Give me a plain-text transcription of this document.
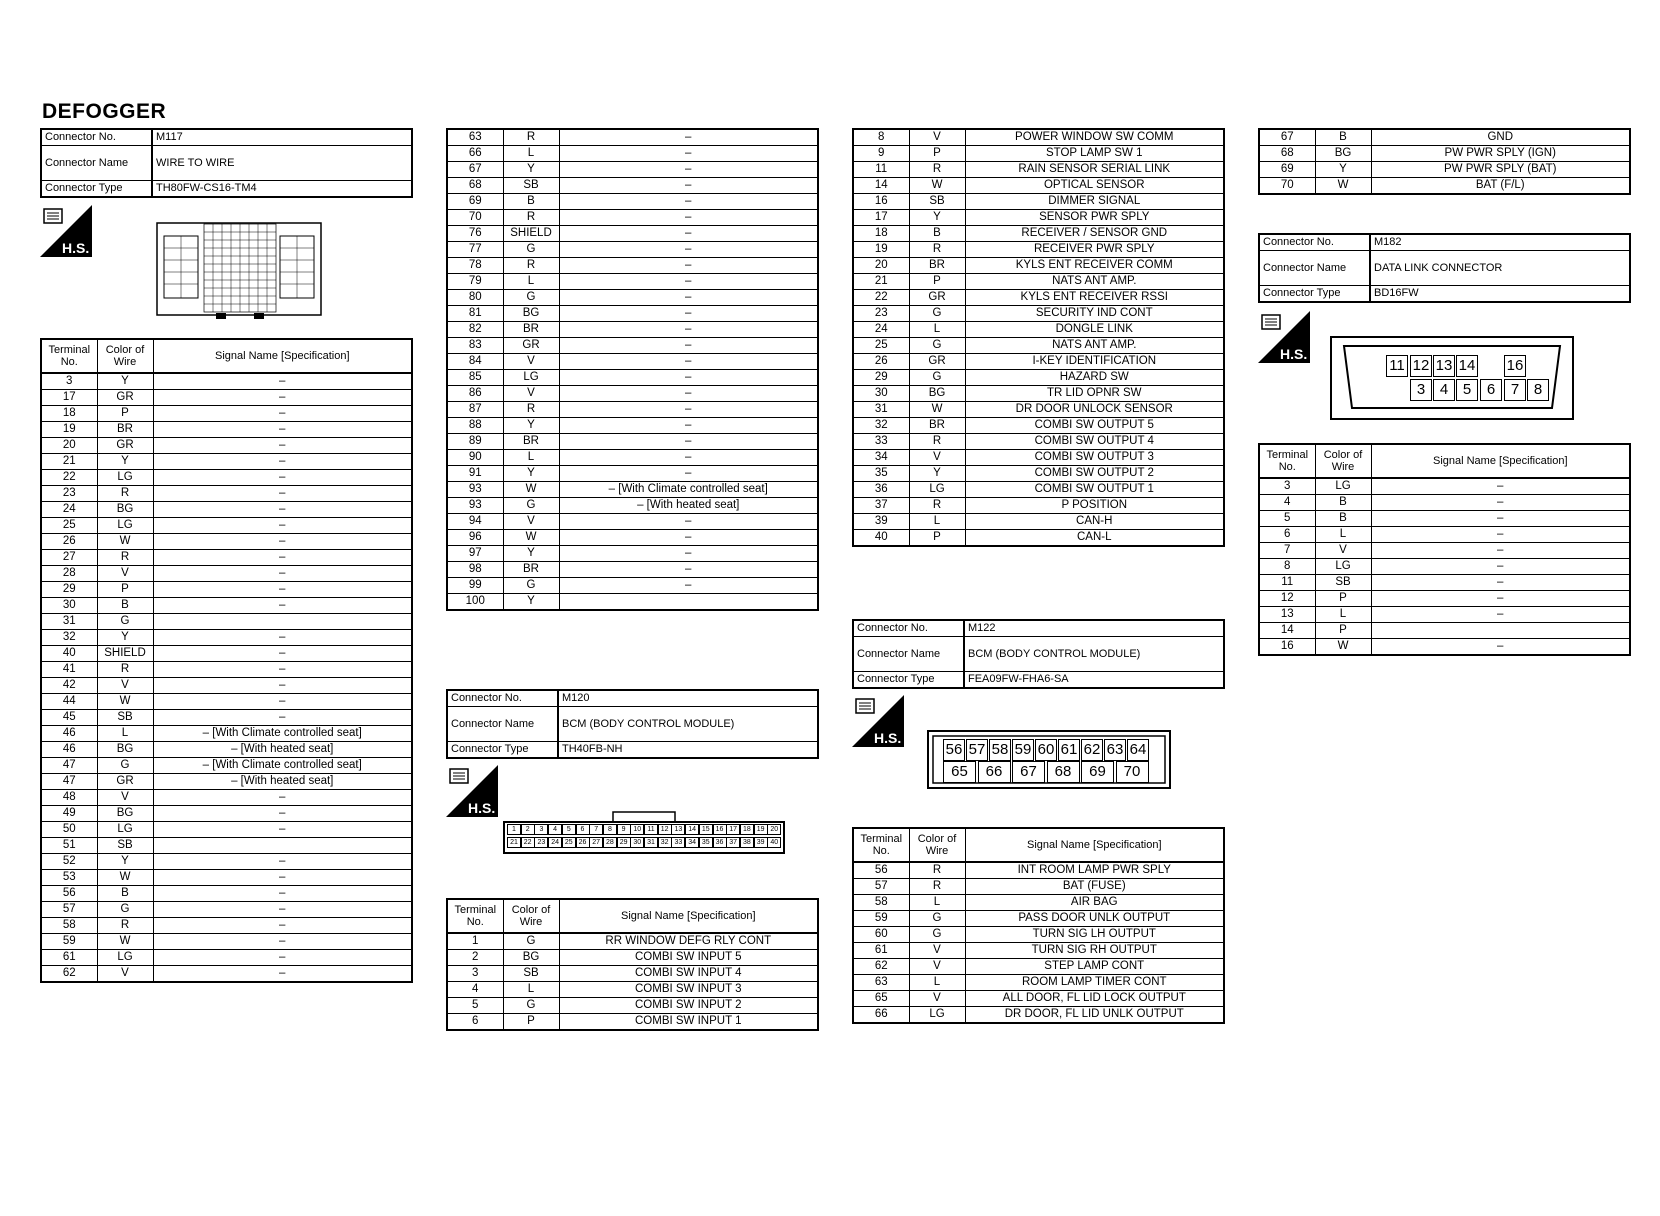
DEFOGGER
Connector No.	M117
Connector Name	WIRE TO WIRE
Connector Type	TH80FW-CS16-TM4
H.S.
Terminal No.	Color of Wire	Signal Name [Specification]
3	Y	–
17	GR	–
18	P	–
19	BR	–
20	GR	–
21	Y	–
22	LG	–
23	R	–
24	BG	–
25	LG	–
26	W	–
27	R	–
28	V	–
29	P	–
30	B	–
31	G	
32	Y	–
40	SHIELD	–
41	R	–
42	V	–
44	W	–
45	SB	–
46	L	– [With Climate controlled seat]
46	BG	– [With heated seat]
47	G	– [With Climate controlled seat]
47	GR	– [With heated seat]
48	V	–
49	BG	–
50	LG	–
51	SB	
52	Y	–
53	W	–
56	B	–
57	G	–
58	R	–
59	W	–
61	LG	–
62	V	–
63	R	–
66	L	–
67	Y	–
68	SB	–
69	B	–
70	R	–
76	SHIELD	–
77	G	–
78	R	–
79	L	–
80	G	–
81	BG	–
82	BR	–
83	GR	–
84	V	–
85	LG	–
86	V	–
87	R	–
88	Y	–
89	BR	–
90	L	–
91	Y	–
93	W	– [With Climate controlled seat]
93	G	– [With heated seat]
94	V	–
96	W	–
97	Y	–
98	BR	–
99	G	–
100	Y	
Connector No.	M120
Connector Name	BCM (BODY CONTROL MODULE)
Connector Type	TH40FB-NH
H.S.
1	2	3	4	5	6	7	8	9	10 11 12 13 14 15 16 17 18 19 20
21 22 23 24 25 26 27 28 29 30 31 32 33 34 35 36 37 38 39 40
Terminal No.	Color of Wire	Signal Name [Specification]
1	G	RR WINDOW DEFG RLY CONT
2	BG	COMBI SW INPUT 5
3	SB	COMBI SW INPUT 4
4	L	COMBI SW INPUT 3
5	G	COMBI SW INPUT 2
6	P	COMBI SW INPUT 1
8	V	POWER WINDOW SW COMM
9	P	STOP LAMP SW 1
11	R	RAIN SENSOR SERIAL LINK
14	W	OPTICAL SENSOR
16	SB	DIMMER SIGNAL
17	Y	SENSOR PWR SPLY
18	B	RECEIVER / SENSOR GND
19	R	RECEIVER PWR SPLY
20	BR	KYLS ENT RECEIVER COMM
21	P	NATS ANT AMP.
22	GR	KYLS ENT RECEIVER RSSI
23	G	SECURITY IND CONT
24	L	DONGLE LINK
25	G	NATS ANT AMP.
26	GR	I-KEY IDENTIFICATION
29	G	HAZARD SW
30	BG	TR LID OPNR SW
31	W	DR DOOR UNLOCK SENSOR
32	BR	COMBI SW OUTPUT 5
33	R	COMBI SW OUTPUT 4
34	V	COMBI SW OUTPUT 3
35	Y	COMBI SW OUTPUT 2
36	LG	COMBI SW OUTPUT 1
37	R	P POSITION
39	L	CAN-H
40	P	CAN-L
Connector No.	M122
Connector Name	BCM (BODY CONTROL MODULE)
Connector Type	FEA09FW-FHA6-SA
H.S.
56 57 58 59 60 61 62 63 64
65	66	67	68	69	70
Terminal No.	Color of Wire	Signal Name [Specification]
56	R	INT ROOM LAMP PWR SPLY
57	R	BAT (FUSE)
58	L	AIR BAG
59	G	PASS DOOR UNLK OUTPUT
60	G	TURN SIG LH OUTPUT
61	V	TURN SIG RH OUTPUT
62	V	STEP LAMP CONT
63	L	ROOM LAMP TIMER CONT
65	V	ALL DOOR, FL LID LOCK OUTPUT
66	LG	DR DOOR, FL LID UNLK OUTPUT
67	B	GND
68	BG	PW PWR SPLY (IGN)
69	Y	PW PWR SPLY (BAT)
70	W	BAT (F/L)
Connector No.	M182
Connector Name	DATA LINK CONNECTOR
Connector Type	BD16FW
H.S.
11 12 13 14 16
3 4 5	6	7 8
Terminal No.	Color of Wire	Signal Name [Specification]
3	LG	–
4	B	–
5	B	–
6	L	–
7	V	–
8	LG	–
11	SB	–
12	P	–
13	L	–
14	P	
16	W	–
